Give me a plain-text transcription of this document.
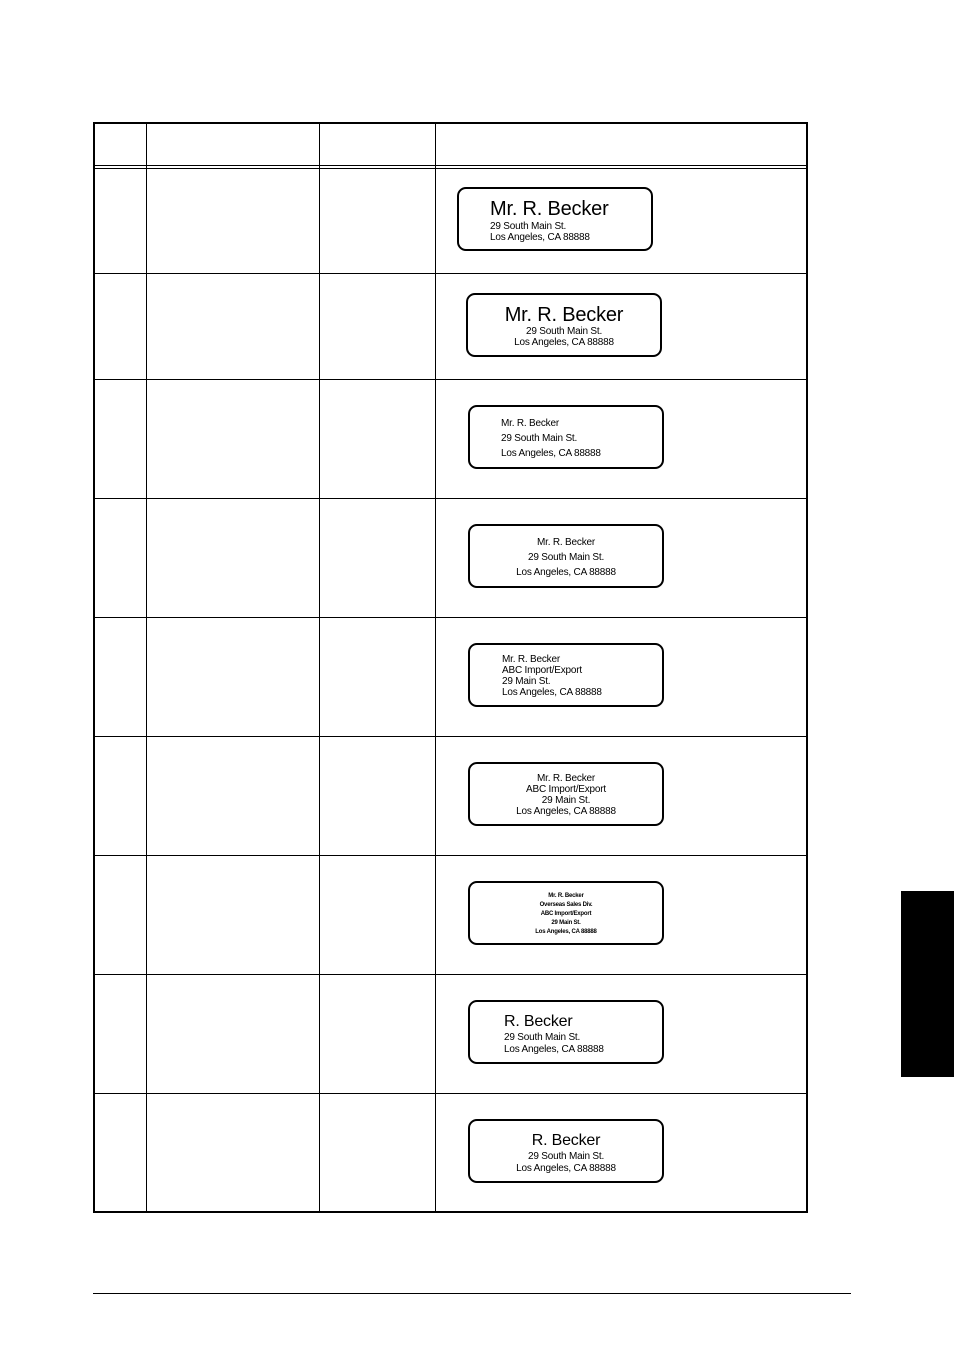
Mr. R. Becker
29 South Main St.
Los Angeles, CA 88888
Mr. R. Becker
29 South Main St.
Los Angeles, CA 88888
Mr. R. Becker
29 South Main St.
Los Angeles, CA 88888
Mr. R. Becker
29 South Main St.
Los Angeles, CA 88888
Mr. R. Becker
ABC Import/Export
29 Main St.
Los Angeles, CA 88888
Mr. R. Becker
ABC Import/Export
29 Main St.
Los Angeles, CA 88888
Mr. R. Becker
Overseas Sales Div.
ABC Import/Export
29 Main St.
Los Angeles, CA 88888
R. Becker
29 South Main St.
Los Angeles, CA 88888
R. Becker
29 South Main St.
Los Angeles, CA 88888
